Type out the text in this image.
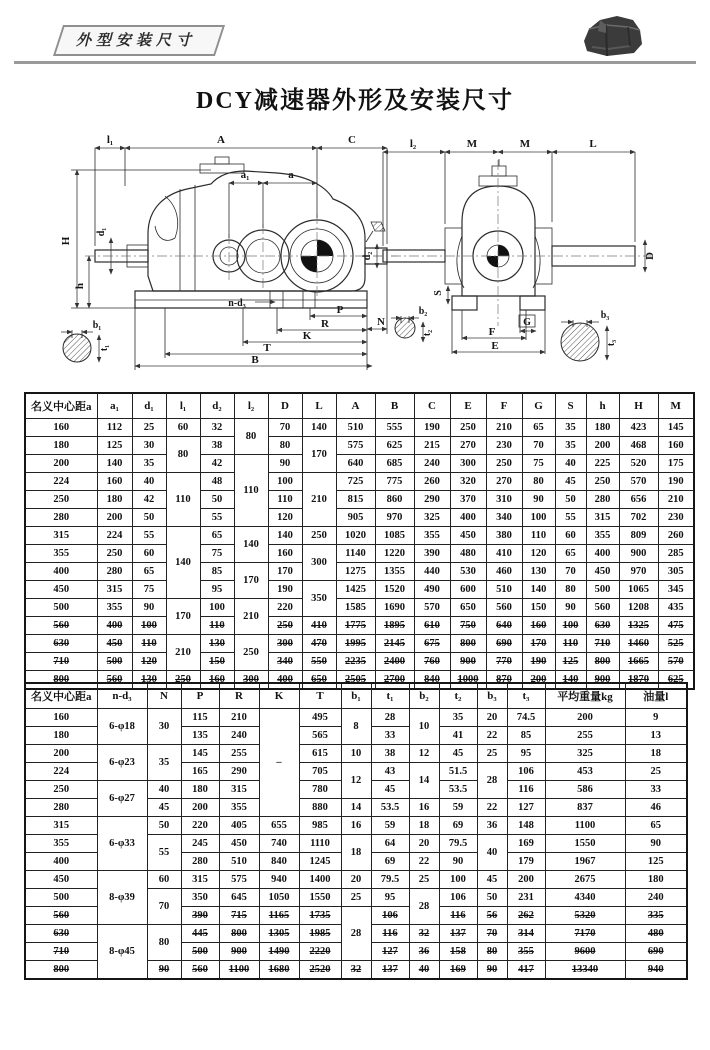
外型安装尺寸
DCY减速器外形及安装尺寸
l₁	A	C
a₁	a
H
h
d₁
n-d₃
P
N
R
K
T
B
b₁
t₁
l₂	M	M	L
d₂	D
S
G
F
E
b₂
t₂
b₃
t₃
名义中心距a	a₁	d₁	l₁	d₂	l₂	D	L	A	B	C	E	F	G	S	h	H	M
160	112	25	60	32	80	70	140	510	555	190	250	210	65	35	180	423	145
180	125	30	80	38		80	170	575	625	215	270	230	70	35	200	468	160
200	140	35		42	110	90		640	685	240	300	250	75	40	225	520	175
224	160	40	110	48		100	210	725	775	260	320	270	80	45	250	570	190
250	180	42		50		110		815	860	290	370	310	90	50	280	656	210
280	200	50		55		120		905	970	325	400	340	100	55	315	702	230
315	224	55	140	65	140	140	250	1020	1085	355	450	380	110	60	355	809	260
355	250	60		75		160	300	1140	1220	390	480	410	120	65	400	900	285
400	280	65		85	170	170		1275	1355	440	530	460	130	70	450	970	305
450	315	75		95		190	350	1425	1520	490	600	510	140	80	500	1065	345
500	355	90	170	100	210	220		1585	1690	570	650	560	150	90	560	1208	435
560	400	100		110		250	410	1775	1895	610	750	640	160	100	630	1325	475
630	450	110	210	130	250	300	470	1995	2145	675	800	690	170	110	710	1460	525
710	500	120		150		340	550	2235	2400	760	900	770	190	125	800	1665	570
800	560	130	250	160	300	400	650	2505	2700	840	1000	870	200	140	900	1870	625
名义中心距a	n-d₃	N	P	R	K	T	b₁	t₁	b₂	t₂	b₃	t₃	平均重量kg	油量l
160	6-φ18	30	115	210	–	495	8	28	10	35	20	74.5	200	9
180			135	240		565		33		41	22	85	255	13
200	6-φ23	35	145	255		615	10	38	12	45	25	95	325	18
224			165	290		705	12	43	14	51.5	28	106	453	25
250	6-φ27	40	180	315		780		45		53.5		116	586	33
280		45	200	355		880	14	53.5	16	59	22	127	837	46
315	6-φ33	50	220	405	655	985	16	59	18	69	36	148	1100	65
355		55	245	450	740	1110	18	64	20	79.5	40	169	1550	90
400			280	510	840	1245		69	22	90		179	1967	125
450	8-φ39	60	315	575	940	1400	20	79.5	25	100	45	200	2675	180
500		70	350	645	1050	1550	25	95	28	106	50	231	4340	240
560			390	715	1165	1735	28	106		116	56	262	5320	335
630	8-φ45	80	445	800	1305	1985		116	32	137	70	314	7170	480
710			500	900	1490	2220		127	36	158	80	355	9600	690
800		90	560	1100	1680	2520	32	137	40	169	90	417	13340	940
